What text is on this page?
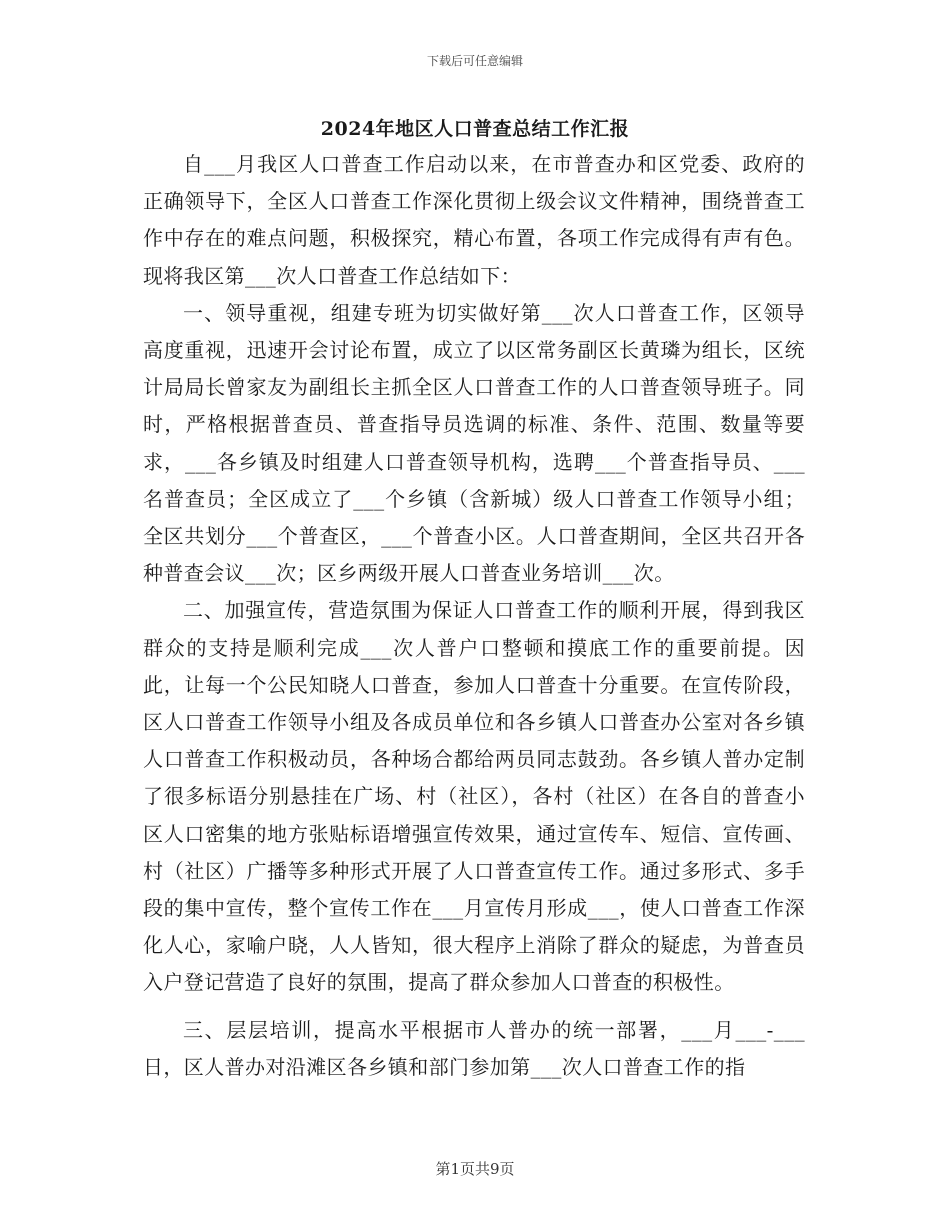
下载后可任意编辑
2024年地区人口普查总结工作汇报

自___月我区人口普查工作启动以来，在市普查办和区党委、政府的正确领导下，全区人口普查工作深化贯彻上级会议文件精神，围绕普查工作中存在的难点问题，积极探究，精心布置，各项工作完成得有声有色。现将我区第___次人口普查工作总结如下：

一、领导重视，组建专班为切实做好第___次人口普查工作，区领导高度重视，迅速开会讨论布置，成立了以区常务副区长黄璘为组长，区统计局局长曾家友为副组长主抓全区人口普查工作的人口普查领导班子。同时，严格根据普查员、普查指导员选调的标准、条件、范围、数量等要求，___各乡镇及时组建人口普查领导机构，选聘___个普查指导员、___名普查员；全区成立了___个乡镇（含新城）级人口普查工作领导小组；全区共划分___个普查区，___个普查小区。人口普查期间，全区共召开各种普查会议___次；区乡两级开展人口普查业务培训___次。

二、加强宣传，营造氛围为保证人口普查工作的顺利开展，得到我区群众的支持是顺利完成___次人普户口整顿和摸底工作的重要前提。因此，让每一个公民知晓人口普查，参加人口普查十分重要。在宣传阶段，区人口普查工作领导小组及各成员单位和各乡镇人口普查办公室对各乡镇人口普查工作积极动员，各种场合都给两员同志鼓劲。各乡镇人普办定制了很多标语分别悬挂在广场、村（社区），各村（社区）在各自的普查小区人口密集的地方张贴标语增强宣传效果，通过宣传车、短信、宣传画、村（社区）广播等多种形式开展了人口普查宣传工作。通过多形式、多手段的集中宣传，整个宣传工作在___月宣传月形成___，使人口普查工作深化人心，家喻户晓，人人皆知，很大程序上消除了群众的疑虑，为普查员入户登记营造了良好的氛围，提高了群众参加人口普查的积极性。

三、层层培训，提高水平根据市人普办的统一部署，___月___-___日，区人普办对沿滩区各乡镇和部门参加第___次人口普查工作的指

第1页共9页
